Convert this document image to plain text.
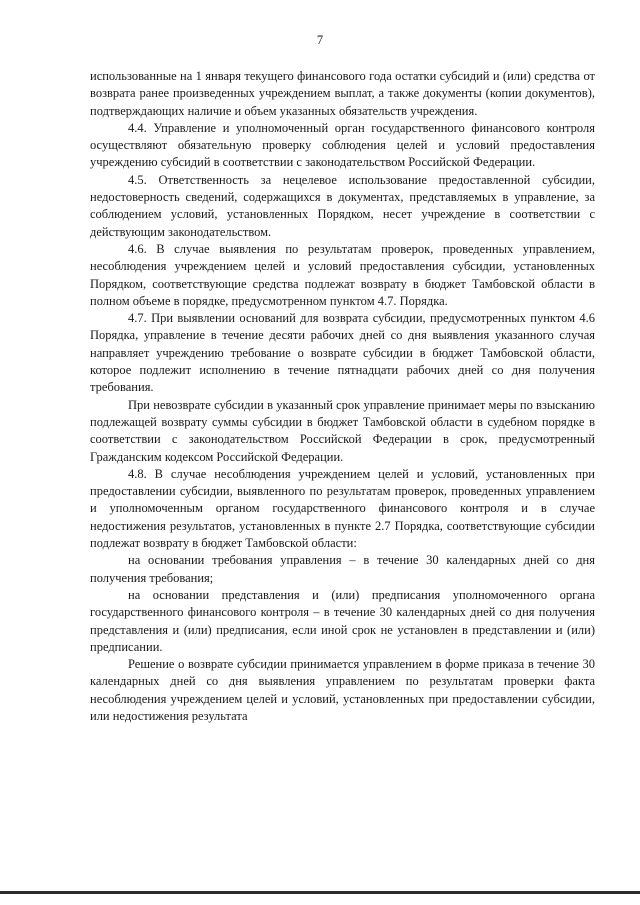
7

использованные на 1 января текущего финансового года остатки субсидий и (или) средства от возврата ранее произведенных учреждением выплат, а также документы (копии документов), подтверждающих наличие и объем указанных обязательств учреждения.

4.4. Управление и уполномоченный орган государственного финансового контроля осуществляют обязательную проверку соблюдения целей и условий предоставления учреждению субсидий в соответствии с законодательством Российской Федерации.

4.5. Ответственность за нецелевое использование предоставленной субсидии, недостоверность сведений, содержащихся в документах, представляемых в управление, за соблюдением условий, установленных Порядком, несет учреждение в соответствии с действующим законодательством.

4.6. В случае выявления по результатам проверок, проведенных управлением, несоблюдения учреждением целей и условий предоставления субсидии, установленных Порядком, соответствующие средства подлежат возврату в бюджет Тамбовской области в полном объеме в порядке, предусмотренном пунктом 4.7. Порядка.

4.7. При выявлении оснований для возврата субсидии, предусмотренных пунктом 4.6 Порядка, управление в течение десяти рабочих дней со дня выявления указанного случая направляет учреждению требование о возврате субсидии в бюджет Тамбовской области, которое подлежит исполнению в течение пятнадцати рабочих дней со дня получения требования.

При невозврате субсидии в указанный срок управление принимает меры по взысканию подлежащей возврату суммы субсидии в бюджет Тамбовской области в судебном порядке в соответствии с законодательством Российской Федерации в срок, предусмотренный Гражданским кодексом Российской Федерации.

4.8. В случае несоблюдения учреждением целей и условий, установленных при предоставлении субсидии, выявленного по результатам проверок, проведенных управлением и уполномоченным органом государственного финансового контроля и в случае недостижения результатов, установленных в пункте 2.7 Порядка, соответствующие субсидии подлежат возврату в бюджет Тамбовской области:

на основании требования управления – в течение 30 календарных дней со дня получения требования;

на основании представления и (или) предписания уполномоченного органа государственного финансового контроля – в течение 30 календарных дней со дня получения представления и (или) предписания, если иной срок не установлен в представлении и (или) предписании.

Решение о возврате субсидии принимается управлением в форме приказа в течение 30 календарных дней со дня выявления управлением по результатам проверки факта несоблюдения учреждением целей и условий, установленных при предоставлении субсидии, или недостижения результата
